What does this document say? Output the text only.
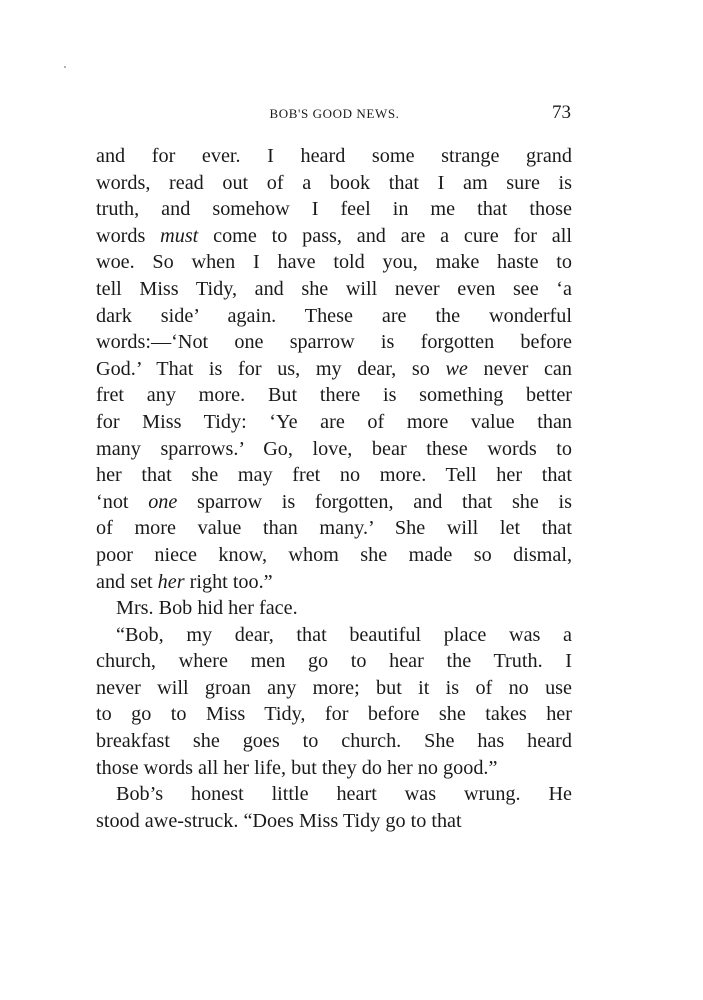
BOB'S GOOD NEWS.	73
and for ever. I heard some strange grand
words, read out of a book that I am sure is
truth, and somehow I feel in me that those
words must come to pass, and are a cure for all
woe. So when I have told you, make haste to
tell Miss Tidy, and she will never even see ‘a
dark side’ again. These are the wonderful
words:—‘Not one sparrow is forgotten before
God.’ That is for us, my dear, so we never can
fret any more. But there is something better
for Miss Tidy: ‘Ye are of more value than
many sparrows.’ Go, love, bear these words to
her that she may fret no more. Tell her that
‘not one sparrow is forgotten, and that she is
of more value than many.’ She will let that
poor niece know, whom she made so dismal,
and set her right too.”
Mrs. Bob hid her face.
“Bob, my dear, that beautiful place was a
church, where men go to hear the Truth. I
never will groan any more; but it is of no use
to go to Miss Tidy, for before she takes her
breakfast she goes to church. She has heard
those words all her life, but they do her no good.”
Bob’s honest little heart was wrung. He
stood awe-struck. “Does Miss Tidy go to that
